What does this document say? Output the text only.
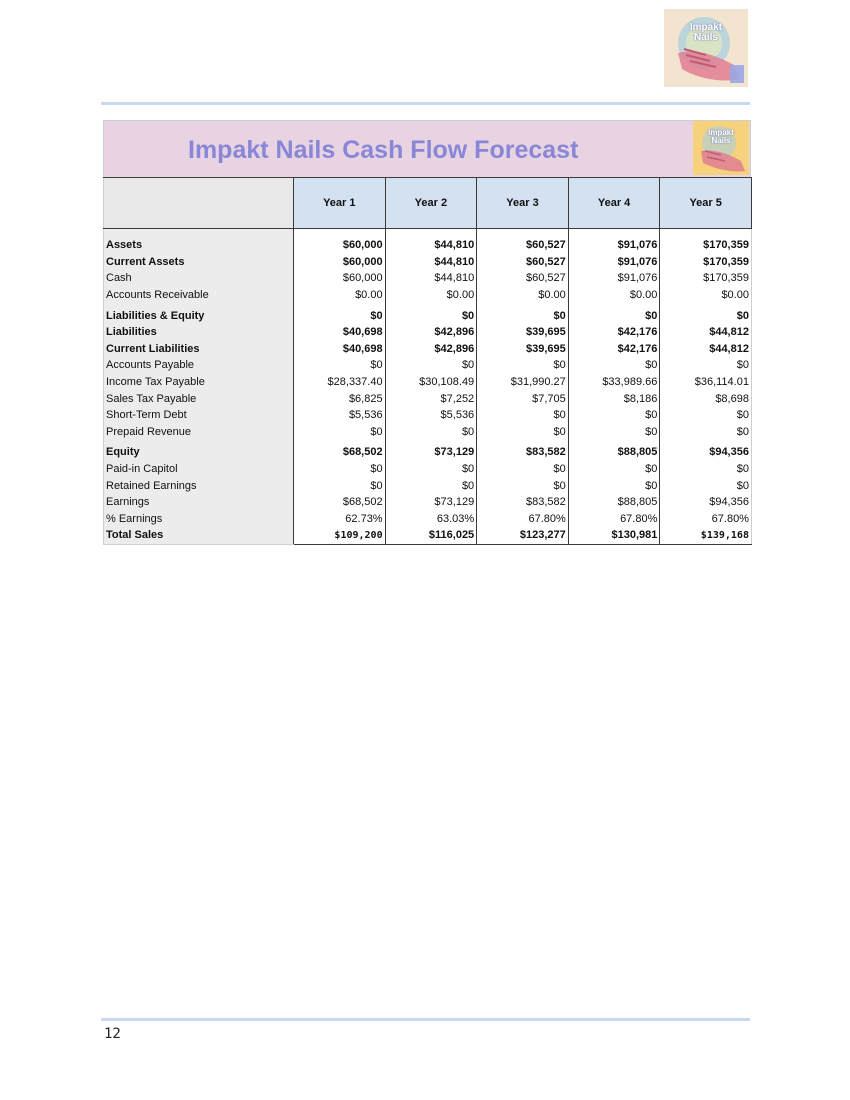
Impakt
Nails
Impakt Nails Cash Flow Forecast
	Year 1	Year 2	Year 3	Year 4	Year 5

Assets	$60,000	$44,810	$60,527	$91,076	$170,359
Current Assets	$60,000	$44,810	$60,527	$91,076	$170,359
Cash	$60,000	$44,810	$60,527	$91,076	$170,359
Accounts Receivable	$0.00	$0.00	$0.00	$0.00	$0.00

Liabilities & Equity	$0	$0	$0	$0	$0
Liabilities	$40,698	$42,896	$39,695	$42,176	$44,812
Current Liabilities	$40,698	$42,896	$39,695	$42,176	$44,812
Accounts Payable	$0	$0	$0	$0	$0
Income Tax Payable	$28,337.40	$30,108.49	$31,990.27	$33,989.66	$36,114.01
Sales Tax Payable	$6,825	$7,252	$7,705	$8,186	$8,698
Short-Term Debt	$5,536	$5,536	$0	$0	$0
Prepaid Revenue	$0	$0	$0	$0	$0

Equity	$68,502	$73,129	$83,582	$88,805	$94,356
Paid-in Capitol	$0	$0	$0	$0	$0
Retained Earnings	$0	$0	$0	$0	$0
Earnings	$68,502	$73,129	$83,582	$88,805	$94,356
% Earnings	62.73%	63.03%	67.80%	67.80%	67.80%
Total Sales	$109,200	$116,025	$123,277	$130,981	$139,168
Impakt
Nails
12
